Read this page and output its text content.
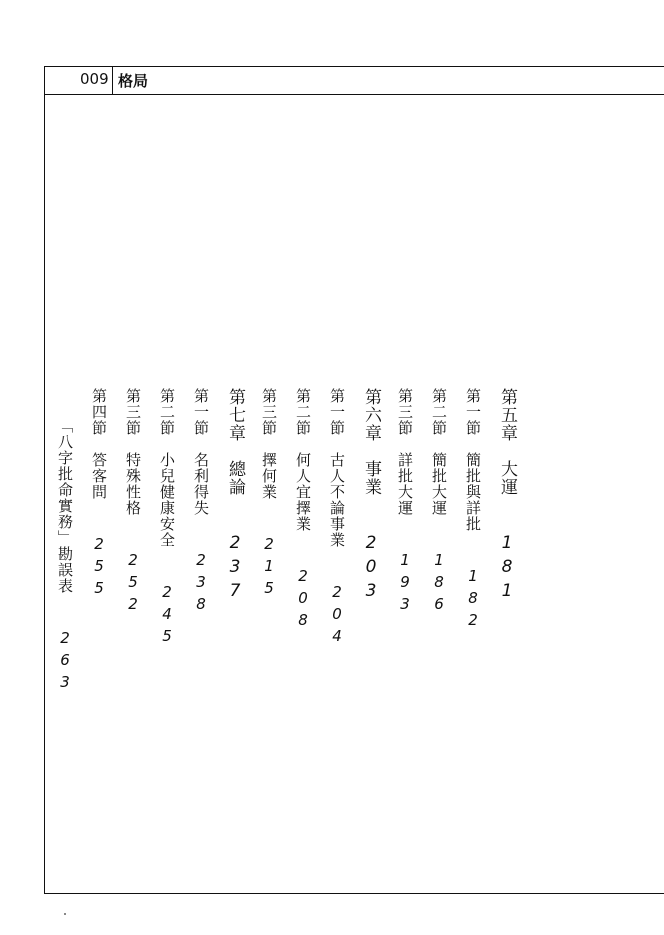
009 格局
第五章　大運 181
第一節　簡批與詳批 182
第二節　簡批大運 186
第三節　詳批大運 193
第六章　事業 203
第一節　古人不論事業 204
第二節　何人宜擇業 208
第三節　擇何業 215
第七章　總論 237
第一節　名利得失 238
第二節　小兒健康安全 245
第三節　特殊性格 252
第四節　答客問 255
「八字批命實務」勘誤表 263
